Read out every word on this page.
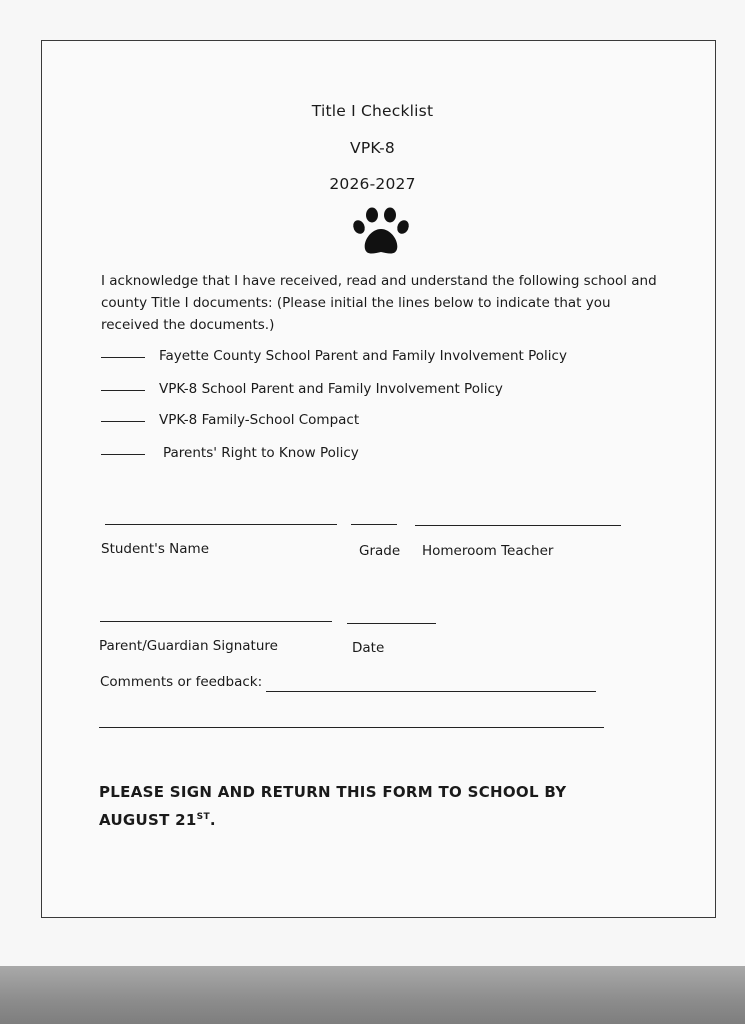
Title I Checklist
VPK-8
2026-2027
I acknowledge that I have received, read and understand the following school and county Title I documents: (Please initial the lines below to indicate that you received the documents.)
Fayette County School Parent and Family Involvement Policy
VPK-8 School Parent and Family Involvement Policy
VPK-8 Family-School Compact
Parents' Right to Know Policy
Student's Name	Grade Homeroom Teacher
Parent/Guardian Signature	Date
Comments or feedback:
PLEASE SIGN AND RETURN THIS FORM TO SCHOOL BY AUGUST 21ST.
